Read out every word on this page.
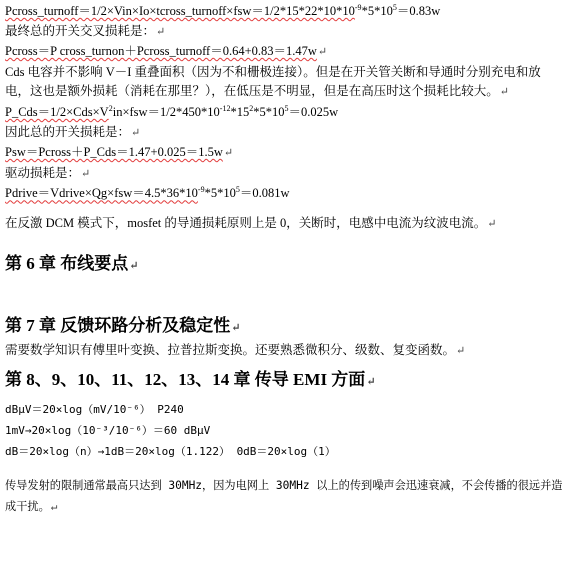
$Pcross\_turnoff=1/2\times Vin\times Io\times tcross\_turnoff\times fsw=1/2*15*22*10*10^{-9}*5*10^5=0.83w$
最终总的开关交叉损耗是：↵
Pcross＝P cross_turnon＋Pcross_turnoff＝0.64+0.83＝1.47w↵
Cds 电容并不影响 V－I 重叠面积（因为不和栅极连接）。但是在开关管关断和导通时分别充电和放电，这也是额外损耗（消耗在那里？），在低压是不明显，但是在高压时这个损耗比较大。↵
$P\_Cds=1/2\times Cds\times V^2in\times fsw=1/2*450*10^{-12}*15^2*5*10^5=0.025w$
因此总的开关损耗是：↵
Psw＝Pcross＋P_Cds＝1.47+0.025＝1.5w↵
驱动损耗是：↵
$Pdrive=Vdrive\times Qg\times fsw=4.5*36*10^{-9}*5*10^5=0.081w$
在反激 DCM 模式下，mosfet 的导通损耗原则上是 0，关断时，电感中电流为纹波电流。↵
第 6 章 布线要点↵
第 7 章 反馈环路分析及稳定性↵
需要数学知识有傅里叶变换、拉普拉斯变换。还要熟悉微积分、级数、复变函数。↵
第 8、9、10、11、12、13、14 章 传导 EMI 方面↵
dBμV＝20×log（mV/10⁻⁶） P240
1mV→20×log（10⁻³/10⁻⁶）＝60 dBμV
dB＝20×log（n）→1dB＝20×log（1.122） 0dB＝20×log（1）
传导发射的限制通常最高只达到 30MHz，因为电网上 30MHz 以上的传到噪声会迅速衰减，不会传播的很远并造成干扰。↵
